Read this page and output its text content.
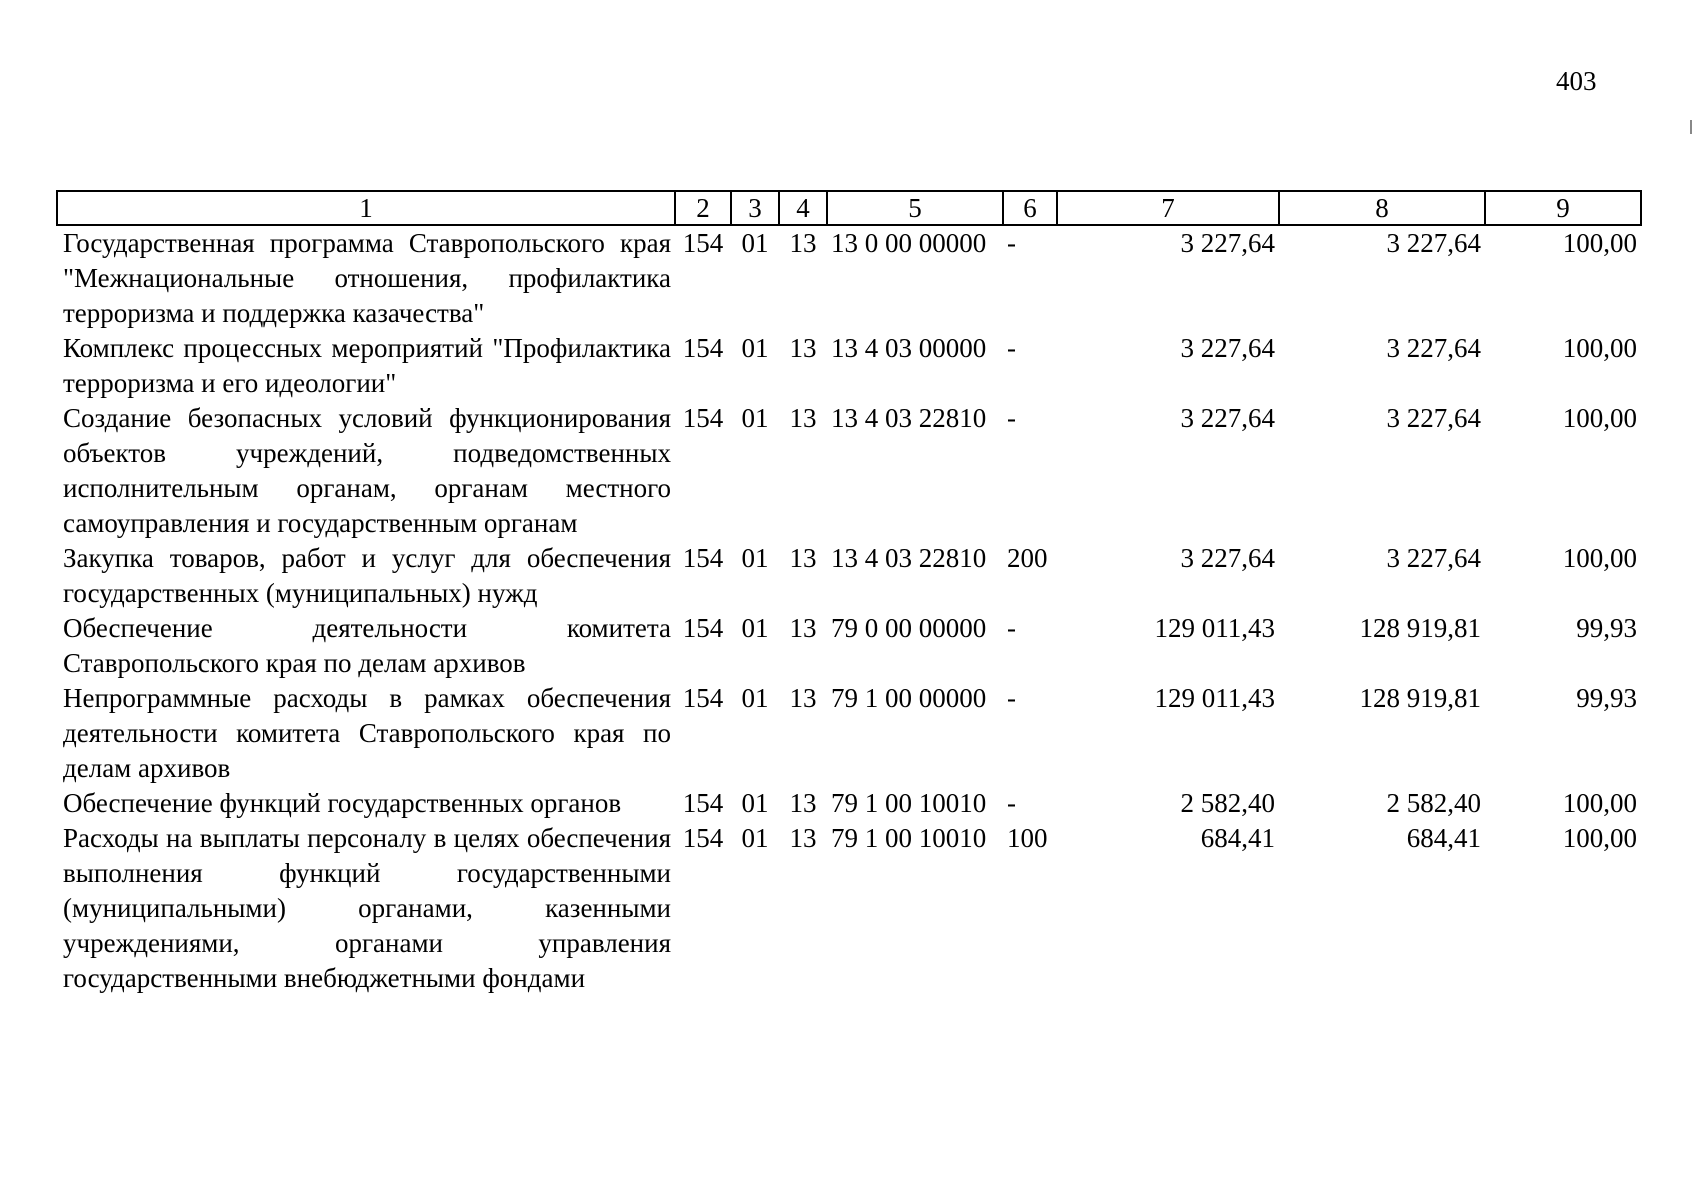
403
1	2	3	4	5	6	7	8	9
Государственная программа Ставропольского края "Межнациональные отношения, профилактика терроризма и поддержка казачества"	154	01	13	13 0 00 00000	-	3 227,64	3 227,64	100,00
Комплекс процессных мероприятий "Профилактика терроризма и его идеологии"	154	01	13	13 4 03 00000	-	3 227,64	3 227,64	100,00
Создание безопасных условий функционирования объектов учреждений, подведомственных исполнительным органам, органам местного самоуправления и государственным органам	154	01	13	13 4 03 22810	-	3 227,64	3 227,64	100,00
Закупка товаров, работ и услуг для обеспечения государственных (муниципальных) нужд	154	01	13	13 4 03 22810	200	3 227,64	3 227,64	100,00
Обеспечение деятельности комитета Ставропольского края по делам архивов	154	01	13	79 0 00 00000	-	129 011,43	128 919,81	99,93
Непрограммные расходы в рамках обеспечения деятельности комитета Ставропольского края по делам архивов	154	01	13	79 1 00 00000	-	129 011,43	128 919,81	99,93
Обеспечение функций государственных органов	154	01	13	79 1 00 10010	-	2 582,40	2 582,40	100,00
Расходы на выплаты персоналу в целях обеспечения выполнения функций государственными (муниципальными) органами, казенными учреждениями, органами управления государственными внебюджетными фондами	154	01	13	79 1 00 10010	100	684,41	684,41	100,00
